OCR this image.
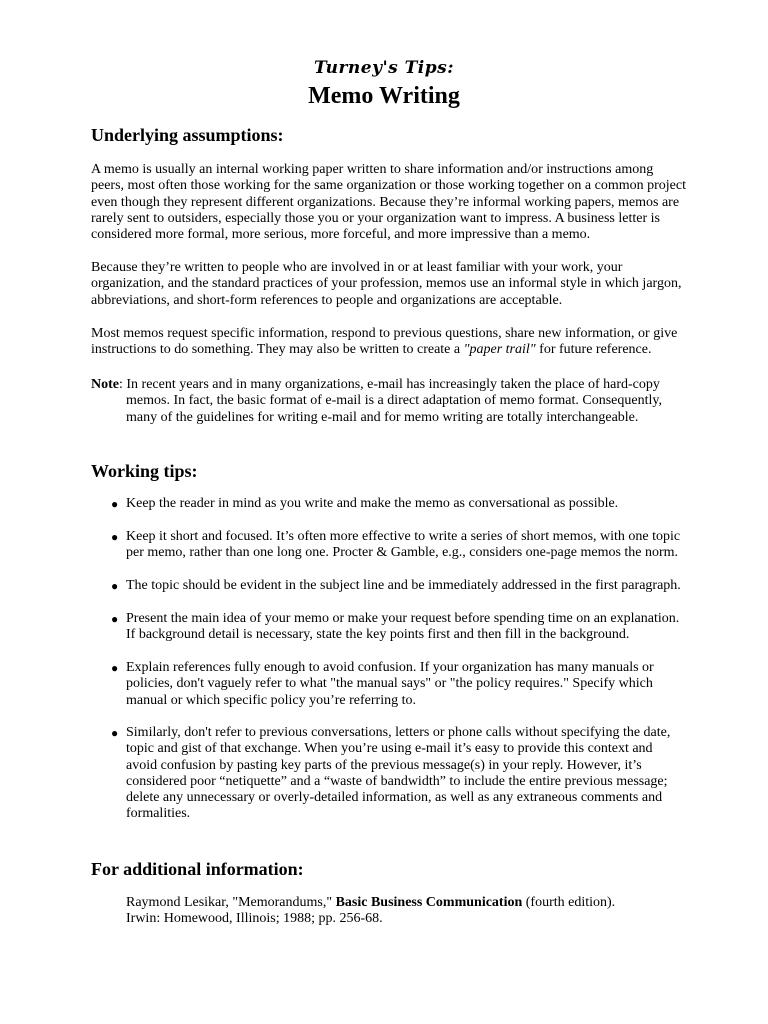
Turney's Tips:
Memo Writing
Underlying assumptions:
A memo is usually an internal working paper written to share information and/or instructions among
peers, most often those working for the same organization or those working together on a common project
even though they represent different organizations. Because they’re informal working papers, memos are
rarely sent to outsiders, especially those you or your organization want to impress. A business letter is
considered more formal, more serious, more forceful, and more impressive than a memo.
Because they’re written to people who are involved in or at least familiar with your work, your
organization, and the standard practices of your profession, memos use an informal style in which jargon,
abbreviations, and short-form references to people and organizations are acceptable.
Most memos request specific information, respond to previous questions, share new information, or give
instructions to do something. They may also be written to create a "paper trail" for future reference.
Note: In recent years and in many organizations, e-mail has increasingly taken the place of hard-copy
memos. In fact, the basic format of e-mail is a direct adaptation of memo format. Consequently,
many of the guidelines for writing e-mail and for memo writing are totally interchangeable.
Working tips:
● Keep the reader in mind as you write and make the memo as conversational as possible.
● Keep it short and focused. It’s often more effective to write a series of short memos, with one topic
per memo, rather than one long one. Procter & Gamble, e.g., considers one-page memos the norm.
● The topic should be evident in the subject line and be immediately addressed in the first paragraph.
● Present the main idea of your memo or make your request before spending time on an explanation.
If background detail is necessary, state the key points first and then fill in the background.
● Explain references fully enough to avoid confusion. If your organization has many manuals or
policies, don't vaguely refer to what "the manual says" or "the policy requires." Specify which
manual or which specific policy you’re referring to.
● Similarly, don't refer to previous conversations, letters or phone calls without specifying the date,
topic and gist of that exchange. When you’re using e-mail it’s easy to provide this context and
avoid confusion by pasting key parts of the previous message(s) in your reply. However, it’s
considered poor “netiquette” and a “waste of bandwidth” to include the entire previous message;
delete any unnecessary or overly-detailed information, as well as any extraneous comments and
formalities.
For additional information:
Raymond Lesikar, "Memorandums," Basic Business Communication (fourth edition).
Irwin: Homewood, Illinois; 1988; pp. 256-68.
